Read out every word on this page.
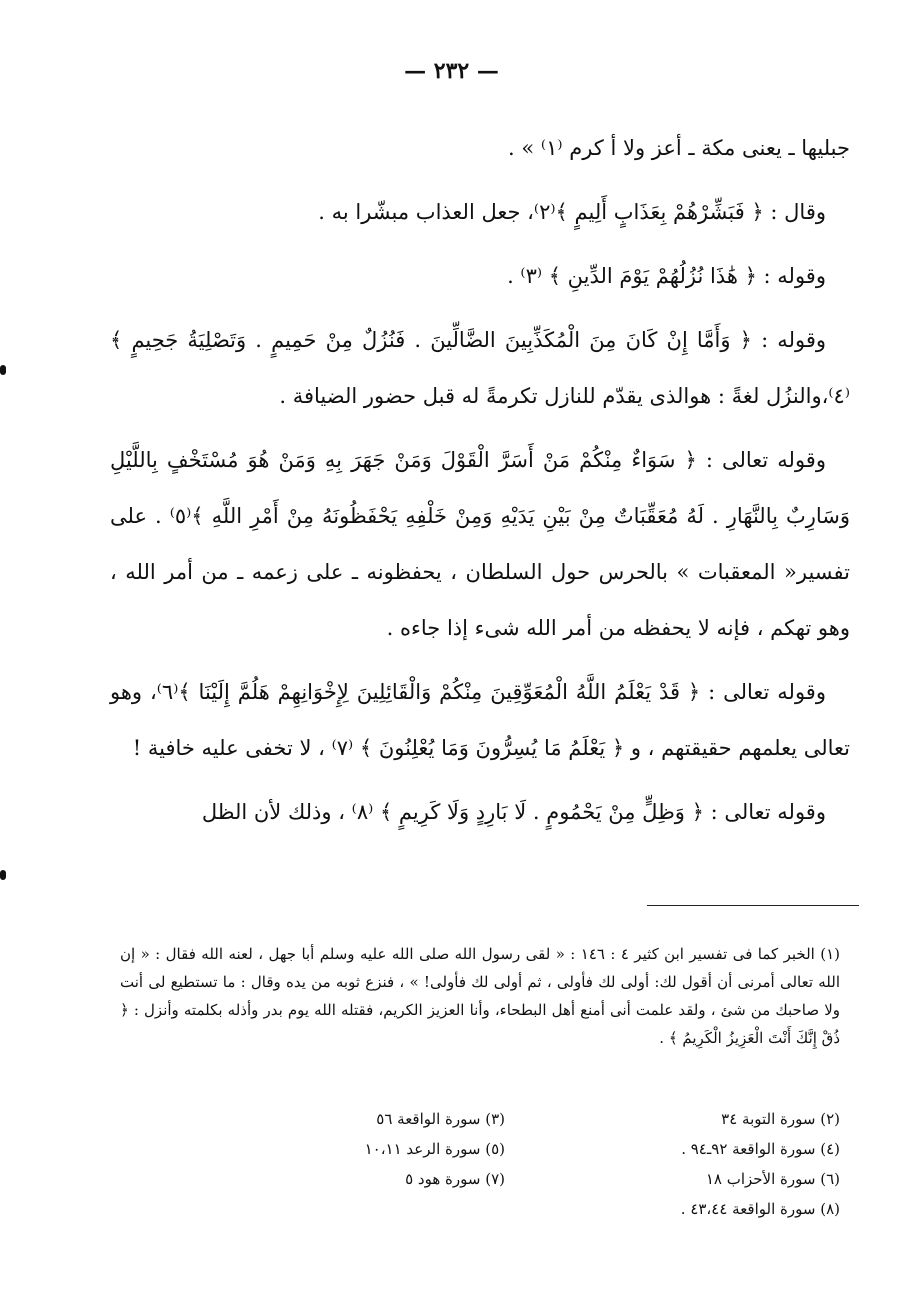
— ٢٣٢ —

جبليها ـ يعنى مكة ـ أعز ولا أ كرم ⁽١⁾ » .

وقال : ﴿ فَبَشِّرْهُمْ بِعَذَابٍ أَلِيمٍ ﴾⁽٢⁾، جعل العذاب مبشّرا به .

وقوله : ﴿ هَٰذَا نُزُلُهُمْ يَوْمَ الدِّينِ ﴾ ⁽٣⁾ .

وقوله : ﴿ وَأَمَّا إِنْ كَانَ مِنَ الْمُكَذِّبِينَ الضَّالِّينَ . فَنُزُلٌ مِنْ حَمِيمٍ . وَتَصْلِيَةُ جَحِيمٍ ﴾⁽٤⁾،والنزُل لغةً : هوالذى يقدّم للنازل تكرمةً له قبل حضور الضيافة .

وقوله تعالى : ﴿ سَوَاءٌ مِنْكُمْ مَنْ أَسَرَّ الْقَوْلَ وَمَنْ جَهَرَ بِهِ وَمَنْ هُوَ مُسْتَخْفٍ بِاللَّيْلِ وَسَارِبٌ بِالنَّهَارِ . لَهُ مُعَقِّبَاتٌ مِنْ بَيْنِ يَدَيْهِ وَمِنْ خَلْفِهِ يَحْفَظُونَهُ مِنْ أَمْرِ اللَّهِ ﴾⁽٥⁾ . على تفسير« المعقبات » بالحرس حول السلطان ، يحفظونه ـ على زعمه ـ من أمر الله ، وهو تهكم ، فإنه لا يحفظه من أمر الله شىء إذا جاءه .

وقوله تعالى : ﴿ قَدْ يَعْلَمُ اللَّهُ الْمُعَوِّقِينَ مِنْكُمْ وَالْقَائِلِينَ لِإِخْوَانِهِمْ هَلُمَّ إِلَيْنَا ﴾⁽٦⁾، وهو تعالى يعلمهم حقيقتهم ، و ﴿ يَعْلَمُ مَا يُسِرُّونَ وَمَا يُعْلِنُونَ ﴾ ⁽٧⁾ ، لا تخفى عليه خافية !

وقوله تعالى : ﴿ وَظِلٍّ مِنْ يَحْمُومٍ . لَا بَارِدٍ وَلَا كَرِيمٍ ﴾ ⁽٨⁾ ، وذلك لأن الظل

(١) الخبر كما فى تفسير ابن كثير ٤ : ١٤٦ : « لقى رسول الله صلى الله عليه وسلم أبا جهل ، لعنه الله فقال : « إن الله تعالى أمرنى أن أقول لك: أولى لك فأولى ، ثم أولى لك فأولى! » ، فنزع ثوبه من يده وقال : ما تستطيع لى أنت ولا صاحبك من شئ ، ولقد علمت أنى أمنع أهل البطحاء، وأنا العزيز الكريم، فقتله الله يوم بدر وأذله بكلمته وأنزل : ﴿ ذُقْ إِنَّكَ أَنْتَ الْعَزِيزُ الْكَرِيمُ ﴾ .

(٢) سورة التوبة ٣٤
(٣) سورة الواقعة ٥٦
(٤) سورة الواقعة ٩٢ـ٩٤ .
(٥) سورة الرعد ١٠،١١
(٦) سورة الأحزاب ١٨
(٧) سورة هود ٥
(٨) سورة الواقعة ٤٣،٤٤ .
